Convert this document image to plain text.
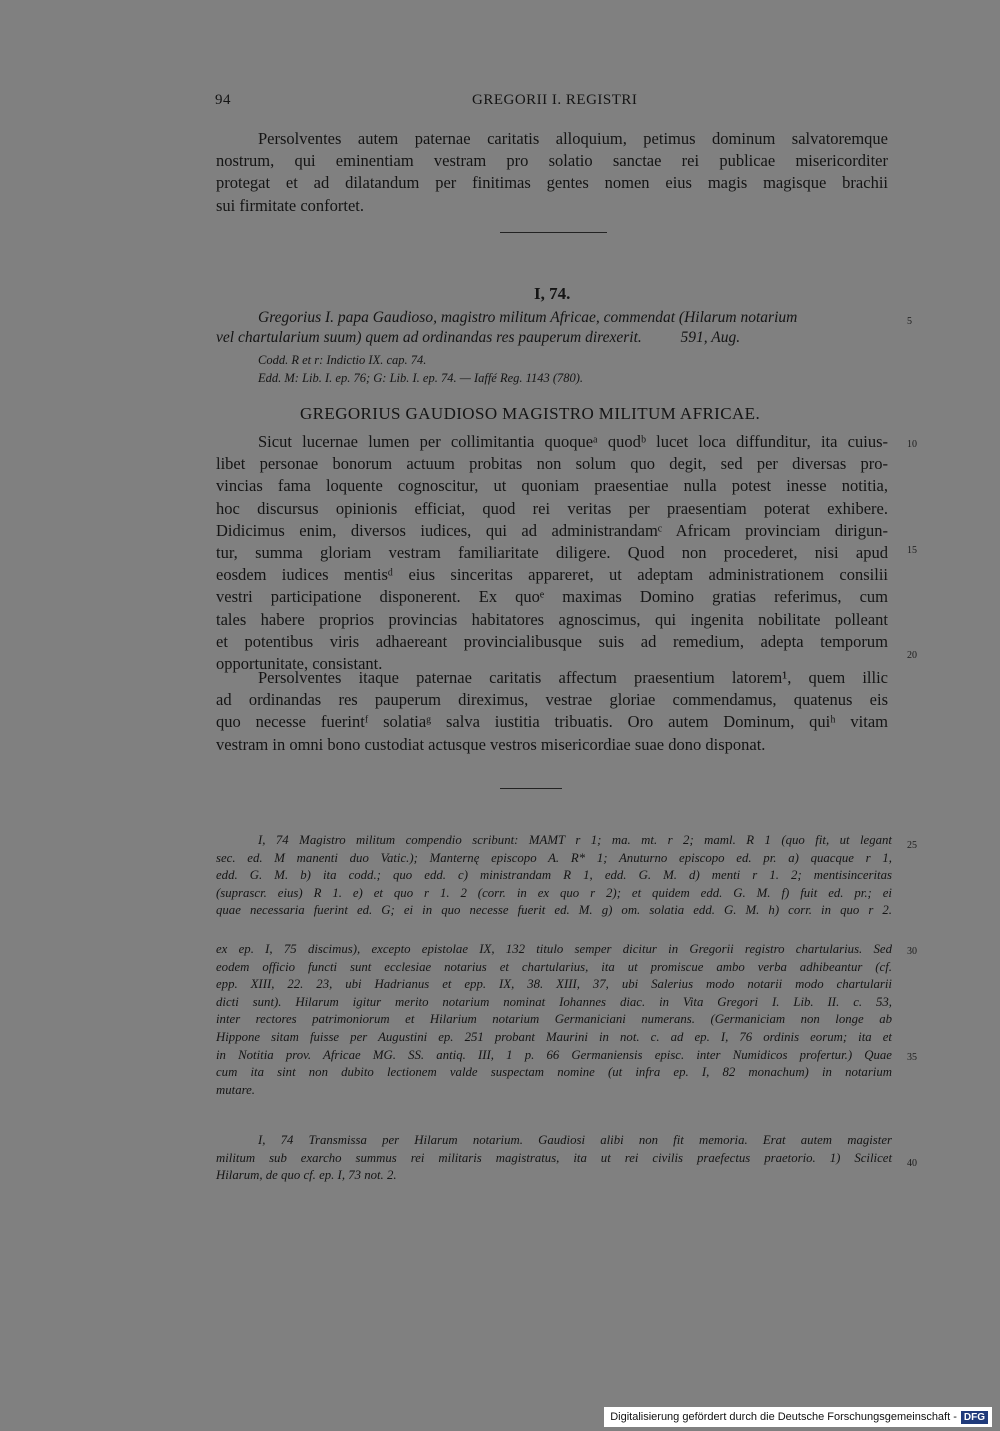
94	GREGORII I. REGISTRI
Persolventes autem paternae caritatis alloquium, petimus dominum salvatoremque
nostrum, qui eminentiam vestram pro solatio sanctae rei publicae misericorditer
protegat et ad dilatandum per finitimas gentes nomen eius magis magisque brachii
sui firmitate confortet.
I, 74.
Gregorius I. papa Gaudioso, magistro militum Africae, commendat (Hilarum notarium
vel chartularium suum) quem ad ordinandas res pauperum direxerit.          591, Aug.
Codd. R et r: Indictio IX. cap. 74.
Edd. M: Lib. I. ep. 76; G: Lib. I. ep. 74. — Iaffé Reg. 1143 (780).
GREGORIUS GAUDIOSO MAGISTRO MILITUM AFRICAE.
Sicut lucernae lumen per collimitantia quoqueᵃ quodᵇ lucet loca diffunditur, ita cuius-
libet personae bonorum actuum probitas non solum quo degit, sed per diversas pro-
vincias fama loquente cognoscitur, ut quoniam praesentiae nulla potest inesse notitia,
hoc discursus opinionis efficiat, quod rei veritas per praesentiam poterat exhibere.
Didicimus enim, diversos iudices, qui ad administrandamᶜ Africam provinciam dirigun-
tur, summa gloriam vestram familiaritate diligere. Quod non procederet, nisi apud
eosdem iudices mentisᵈ eius sinceritas appareret, ut adeptam administrationem consilii
vestri participatione disponerent. Ex quoᵉ maximas Domino gratias referimus, cum
tales habere proprios provincias habitatores agnoscimus, qui ingenita nobilitate polleant
et potentibus viris adhaereant provincialibusque suis ad remedium, adepta temporum
opportunitate, consistant.
Persolventes itaque paternae caritatis affectum praesentium latorem¹, quem illic
ad ordinandas res pauperum direximus, vestrae gloriae commendamus, quatenus eis
quo necesse fuerintᶠ solatiaᵍ salva iustitia tribuatis. Oro autem Dominum, quiʰ vitam
vestram in omni bono custodiat actusque vestros misericordiae suae dono disponat.
I, 74 Magistro militum compendio scribunt: MAMT r 1; ma. mt. r 2; maml. R 1 (quo fit, ut legant
sec. ed. M manenti duo Vatic.); Manternę episcopo A. R* 1; Anuturno episcopo ed. pr. a) quacque r 1,
edd. G. M. b) ita codd.; quo edd. c) ministrandam R 1, edd. G. M. d) menti r 1. 2; mentisinceritas
(suprascr. eius) R 1. e) et quo r 1. 2 (corr. in ex quo r 2); et quidem edd. G. M. f) fuit ed. pr.; ei
quae necessaria fuerint ed. G; ei in quo necesse fuerit ed. M. g) om. solatia edd. G. M. h) corr. in quo r 2.
ex ep. I, 75 discimus), excepto epistolae IX, 132 titulo semper dicitur in Gregorii registro chartularius. Sed
eodem officio functi sunt ecclesiae notarius et chartularius, ita ut promiscue ambo verba adhibeantur (cf.
epp. XIII, 22. 23, ubi Hadrianus et epp. IX, 38. XIII, 37, ubi Salerius modo notarii modo chartularii
dicti sunt). Hilarum igitur merito notarium nominat Iohannes diac. in Vita Gregori I. Lib. II. c. 53,
inter rectores patrimoniorum et Hilarium notarium Germaniciani numerans. (Germaniciam non longe ab
Hippone sitam fuisse per Augustini ep. 251 probant Maurini in not. c. ad ep. I, 76 ordinis eorum; ita et
in Notitia prov. Africae MG. SS. antiq. III, 1 p. 66 Germaniensis episc. inter Numidicos profertur.) Quae
cum ita sint non dubito lectionem valde suspectam nomine (ut infra ep. I, 82 monachum) in notarium
mutare.
I, 74 Transmissa per Hilarum notarium. Gaudiosi alibi non fit memoria. Erat autem magister
militum sub exarcho summus rei militaris magistratus, ita ut rei civilis praefectus praetorio. 1) Scilicet
Hilarum, de quo cf. ep. I, 73 not. 2.
5
10
15
20
25
30
35
40
Digitalisierung gefördert durch die Deutsche Forschungsgemeinschaft - DFG
